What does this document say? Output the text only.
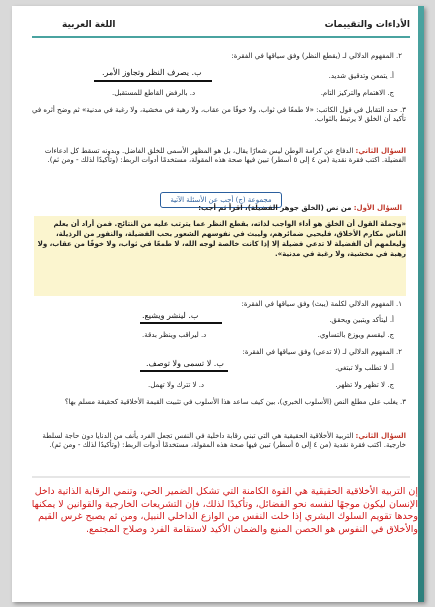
الأداءات والتقييمات
اللغة العربية
٢. المفهوم الدلالي لـ (يقطع النظر) وفق سياقها في الفقرة:
أ. يتمعن وتدقيق شديد.
ب. يصرف النظر وتجاوز الأمر.
ج. الاهتمام والتركيز التام.
د. بالرفض القاطع للمستقبل.
٣. حدد التقابل في قول الكاتب: «لا طمعًا في ثواب، ولا خوفًا من عقاب، ولا رهبة في مخشية، ولا رغبة في مدنية» ثم وضح أثره في تأكيد أن الخلق لا يرتبط بالثواب.
السؤال الثاني: الدفاع عن كرامة الوطن ليس شعارًا يقال، بل هو المظهر الأسمى للخلق الفاضل. وبدونه تسقط كل ادعاءات الفضيلة. اكتب فقرة نقدية (من ٤ إلى ٥ أسطر) تبين فيها صحة هذه المقولة، مستخدمًا أدوات الربط: (وتأكيدًا لذلك - ومن ثم).
مجموعة (ج) أجب عن الأسئلة الآتية
السؤال الأول: من نص (الخلق جوهر الفضيلة)، اقرأ ثم أجب:
«وجملة القول أن الخلق هو أداء الواجب لذاته، بقطع النظر عما يترتب عليه من النتائج. فمن أراد أن يعلم الناس مكارم الأخلاق، فليحيي ضمائرهم، وليبث في نفوسهم الشعور بحب الفضيلة، والنفور من الرذيلة، وليعلمهم أن الفضيلة لا تدعي فضيلة إلا إذا كانت خالصة لوجه الله، لا طمعًا في ثواب، ولا خوفًا من عقاب، ولا رهبة في مخشية، ولا رغبة في مدنية».
١. المفهوم الدلالي لكلمة (يبث) وفق سياقها في الفقرة:
أ. ليتأكد ويتبين ويحقق.
ب. لينشر ويشيع.
ج. ليقسم ويوزع بالتساوي.
د. ليراقب وينظر بدقة.
٢. المفهوم الدلالي لـ (لا تدعى) وفق سياقها في الفقرة:
أ. لا تطلب ولا تبتغي.
ب. لا تسمى ولا توصف.
ج. لا تظهر ولا تظهر.
د. لا تترك ولا تهمل.
٣. يغلب على مطلع النص (الأسلوب الخبري)، بين كيف ساعد هذا الأسلوب في تثبيت القيمة الأخلاقية كحقيقة مسلم بها؟
السؤال الثاني: التربية الأخلاقية الحقيقية هي التي تبني رقابة داخلية في النفس تجعل الفرد يأنف من الدنايا دون حاجة لسلطة خارجية. اكتب فقرة نقدية (من ٤ إلى ٥ أسطر) تبين فيها صحة هذه المقولة، مستخدمًا أدوات الربط: (وتأكيدًا لذلك - ومن ثم).
إن التربية الأخلاقية الحقيقية هي القوة الكامنة التي تشكل الضمير الحي، وتنمي الرقابة الذاتية داخل الإنسان ليكون موجهًا لنفسه نحو الفضائل، وتأكيدًا لذلك، فإن التشريعات الخارجية والقوانين لا يمكنها وحدها تقويم السلوك البشري إذا خلت النفس من الوازع الداخلي النبيل، ومن ثم يصبح غرس القيم والأخلاق في النفوس هو الحصن المنيع والضمان الأكيد لاستقامة الفرد وصلاح المجتمع.
